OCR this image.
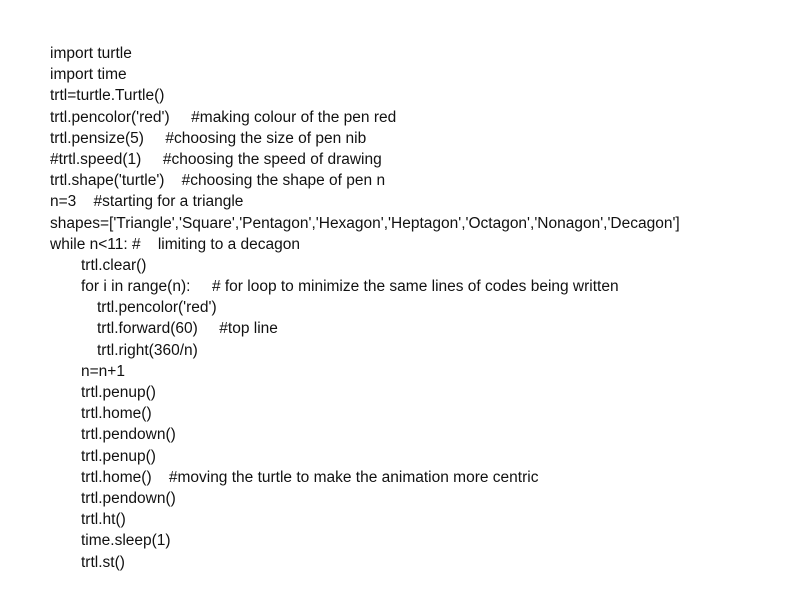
import turtle
import time
trtl=turtle.Turtle()
trtl.pencolor('red')     #making colour of the pen red
trtl.pensize(5)     #choosing the size of pen nib
#trtl.speed(1)     #choosing the speed of drawing
trtl.shape('turtle')    #choosing the shape of pen n
n=3    #starting for a triangle
shapes=['Triangle','Square','Pentagon','Hexagon','Heptagon','Octagon','Nonagon','Decagon']
while n<11: #    limiting to a decagon
trtl.clear()
for i in range(n):     # for loop to minimize the same lines of codes being written
trtl.pencolor('red')
trtl.forward(60)     #top line
trtl.right(360/n)
n=n+1
trtl.penup()
trtl.home()
trtl.pendown()
trtl.penup()
trtl.home()    #moving the turtle to make the animation more centric
trtl.pendown()
trtl.ht()
time.sleep(1)
trtl.st()
